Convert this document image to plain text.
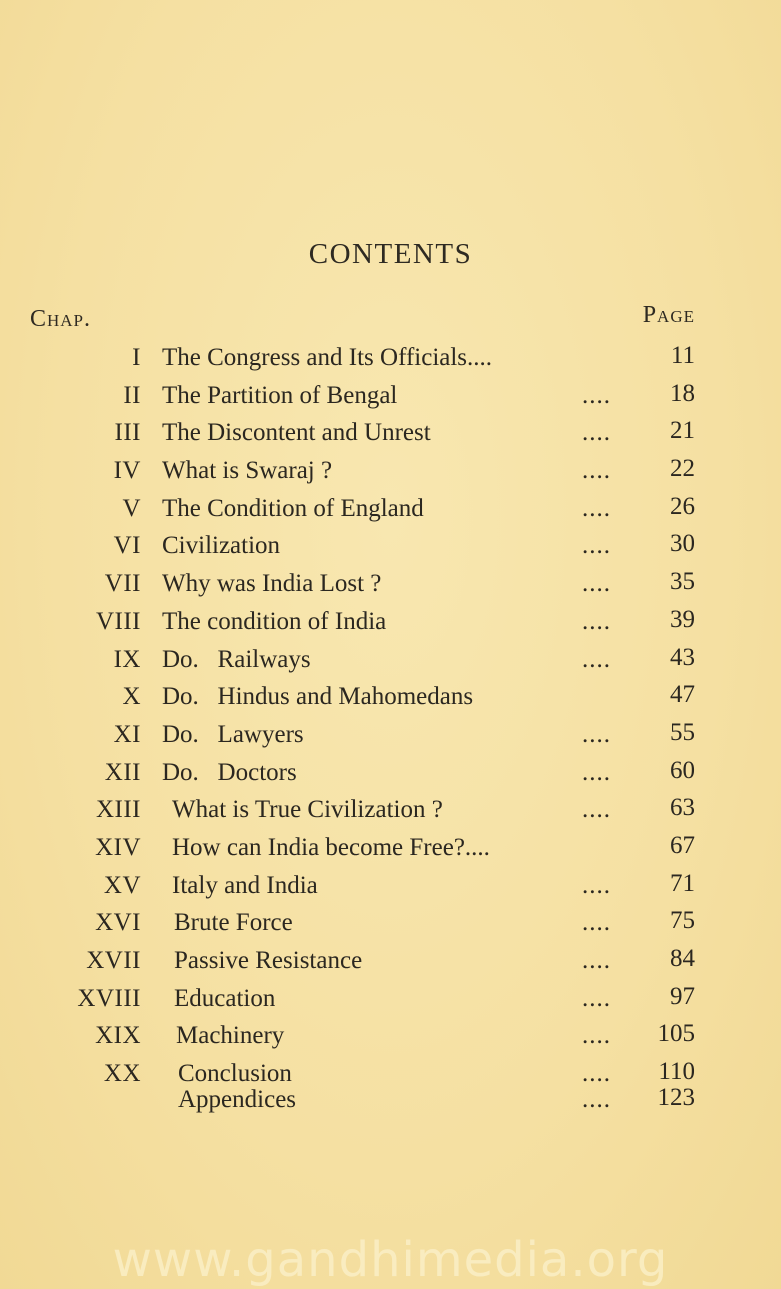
CONTENTS
Chap.	Page
I The Congress and Its Officials....	11
II The Partition of Bengal	.... 18
III The Discontent and Unrest	.... 21
IV What is Swaraj ?	.... 22
V The Condition of England	.... 26
VI Civilization	.... 30
VII Why was India Lost ?	.... 35
VIII The condition of India	.... 39
IX Do.   Railways	.... 43
X Do.   Hindus and Mahomedans	47
XI Do.   Lawyers	.... 55
XII Do.   Doctors	.... 60
XIII What is True Civilization ?	.... 63
XIV How can India become Free?....	67
XV Italy and India	.... 71
XVI Brute Force	.... 75
XVII Passive Resistance	.... 84
XVIII Education	.... 97
XIX Machinery	.... 105
XX Conclusion	.... 110
Appendices	.... 123
www.gandhimedia.org
